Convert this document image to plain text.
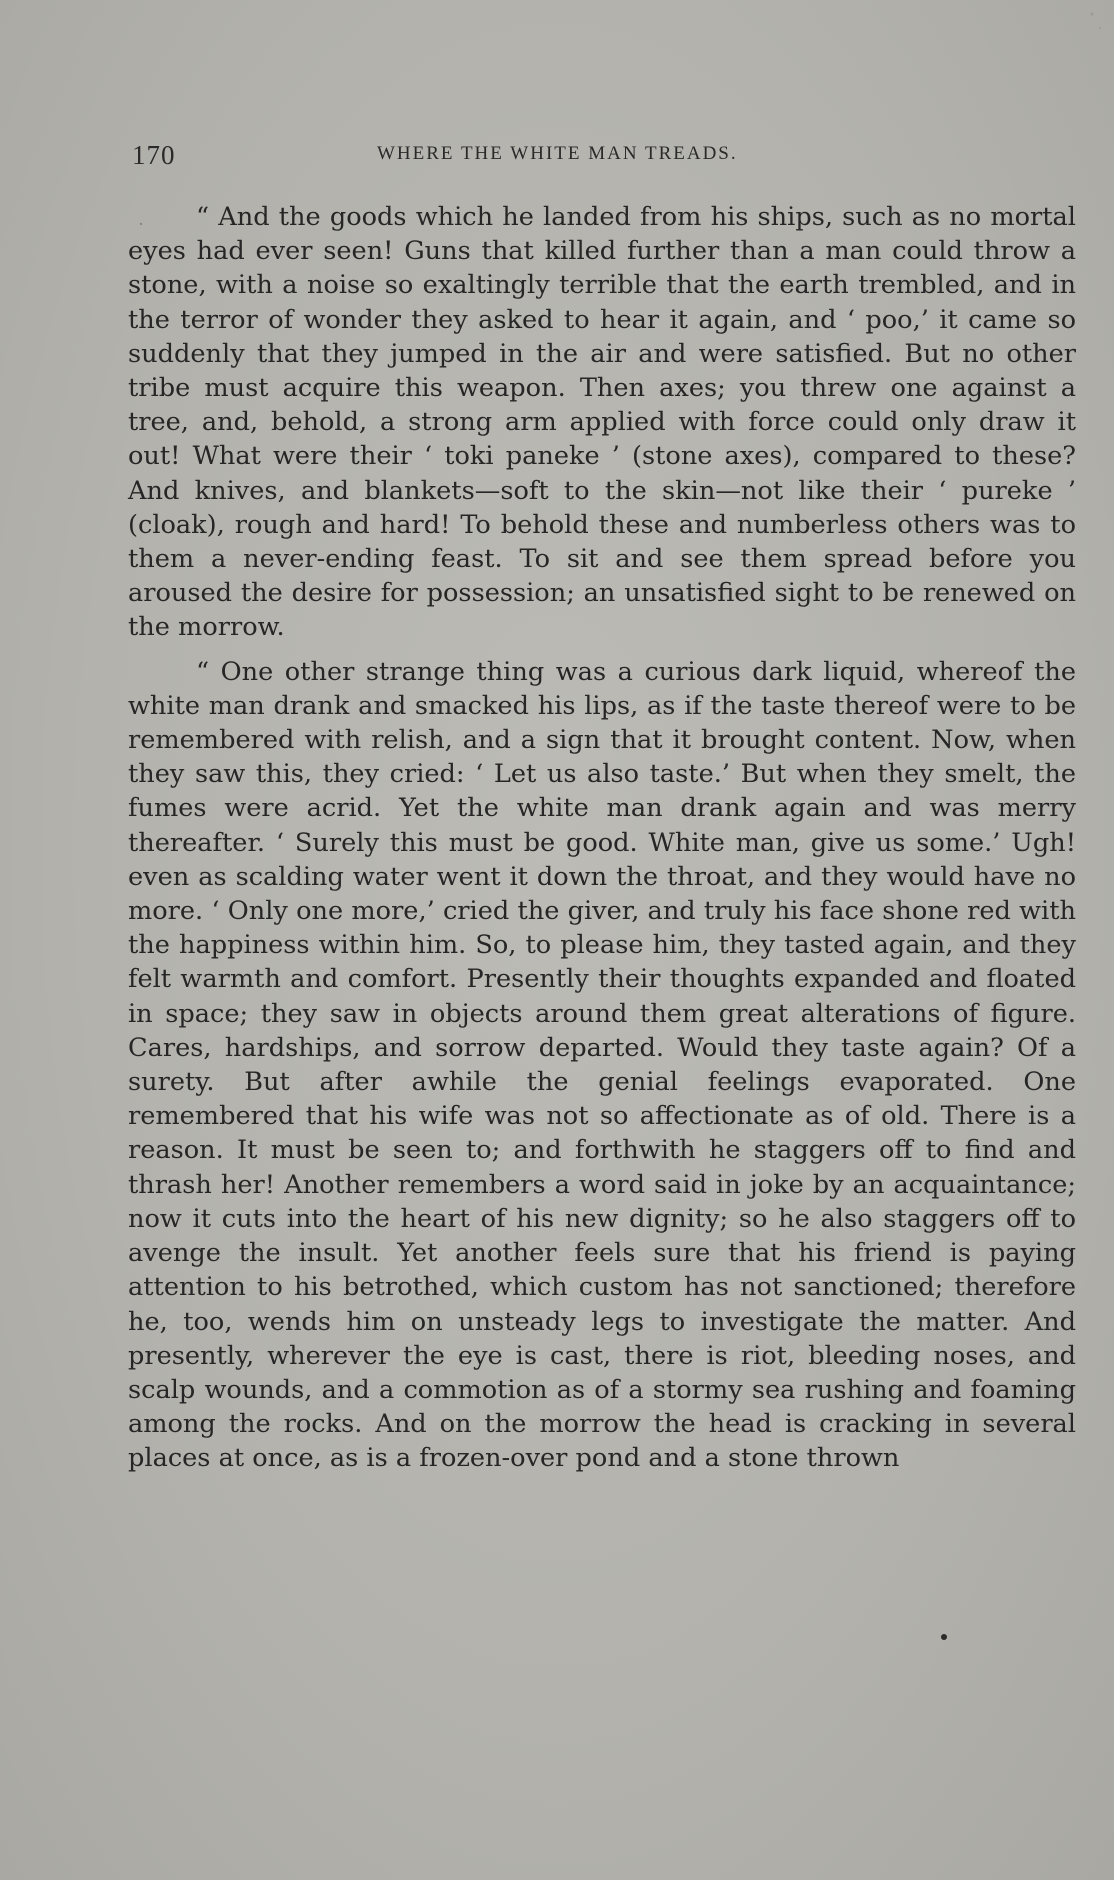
170	WHERE THE WHITE MAN TREADS.

“ And the goods which he landed from his ships, such as no mortal eyes had ever seen! Guns that killed further than a man could throw a stone, with a noise so exaltingly terrible that the earth trembled, and in the terror of wonder they asked to hear it again, and ‘ poo,’ it came so suddenly that they jumped in the air and were satisfied. But no other tribe must acquire this weapon. Then axes; you threw one against a tree, and, behold, a strong arm applied with force could only draw it out! What were their ‘ toki paneke ’ (stone axes), compared to these? And knives, and blankets—soft to the skin—not like their ‘ pureke ’ (cloak), rough and hard! To behold these and numberless others was to them a never-ending feast. To sit and see them spread before you aroused the desire for possession; an unsatisfied sight to be renewed on the morrow.

“ One other strange thing was a curious dark liquid, whereof the white man drank and smacked his lips, as if the taste thereof were to be remembered with relish, and a sign that it brought content. Now, when they saw this, they cried: ‘ Let us also taste.’ But when they smelt, the fumes were acrid. Yet the white man drank again and was merry thereafter. ‘ Surely this must be good. White man, give us some.’ Ugh! even as scalding water went it down the throat, and they would have no more. ‘ Only one more,’ cried the giver, and truly his face shone red with the happiness within him. So, to please him, they tasted again, and they felt warmth and comfort. Presently their thoughts expanded and floated in space; they saw in objects around them great alterations of figure. Cares, hardships, and sorrow departed. Would they taste again? Of a surety. But after awhile the genial feelings evaporated. One remembered that his wife was not so affectionate as of old. There is a reason. It must be seen to; and forthwith he staggers off to find and thrash her! Another remembers a word said in joke by an acquaintance; now it cuts into the heart of his new dignity; so he also staggers off to avenge the insult. Yet another feels sure that his friend is paying attention to his betrothed, which custom has not sanctioned; therefore he, too, wends him on unsteady legs to investigate the matter. And presently, wherever the eye is cast, there is riot, bleeding noses, and scalp wounds, and a commotion as of a stormy sea rushing and foaming among the rocks. And on the morrow the head is cracking in several places at once, as is a frozen-over pond and a stone thrown
